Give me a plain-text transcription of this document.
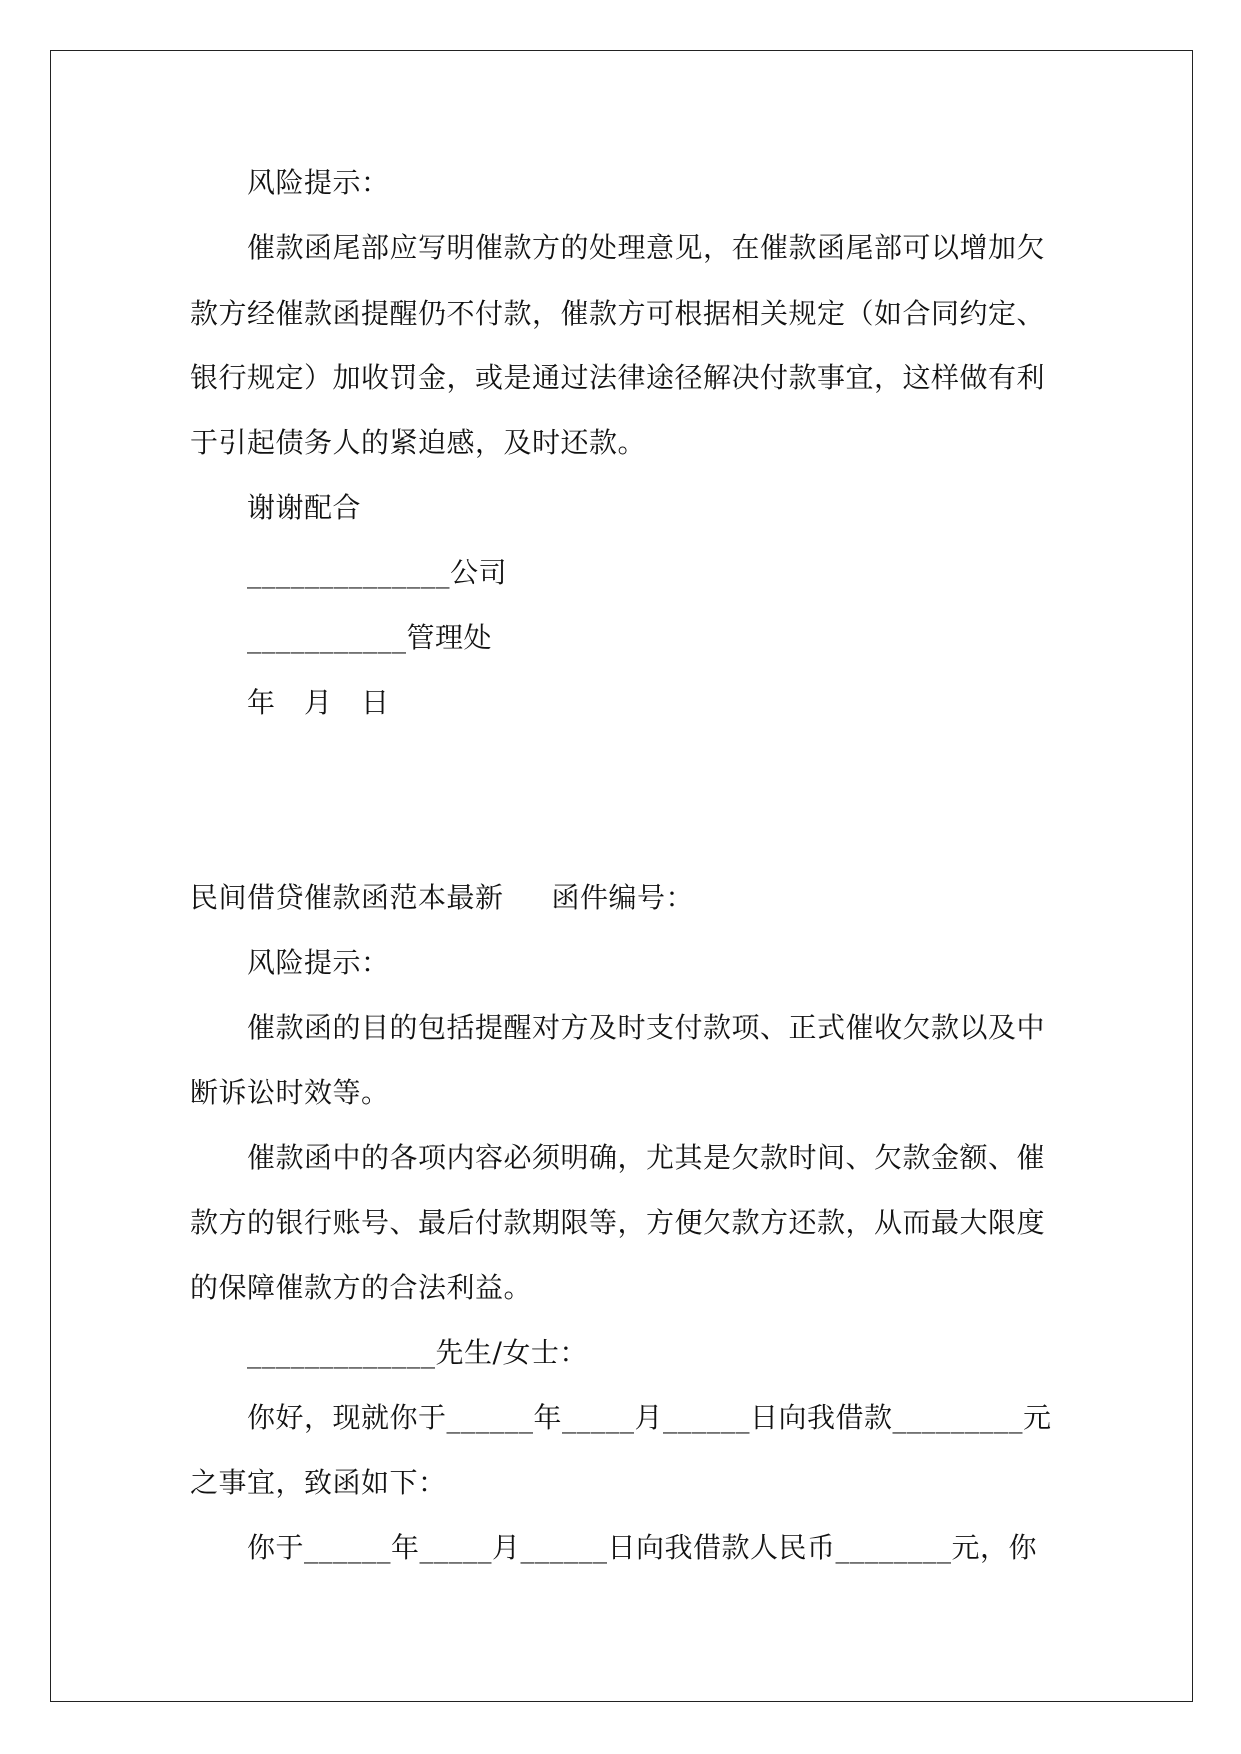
风险提示：
催款函尾部应写明催款方的处理意见，在催款函尾部可以增加欠
款方经催款函提醒仍不付款，催款方可根据相关规定（如合同约定、
银行规定）加收罚金，或是通过法律途径解决付款事宜，这样做有利
于引起债务人的紧迫感，及时还款。
谢谢配合
______________公司
___________管理处
年　月　日
民间借贷催款函范本最新 函件编号：
风险提示：
催款函的目的包括提醒对方及时支付款项、正式催收欠款以及中
断诉讼时效等。
催款函中的各项内容必须明确，尤其是欠款时间、欠款金额、催
款方的银行账号、最后付款期限等，方便欠款方还款，从而最大限度
的保障催款方的合法利益。
_____________先生/女士：
你好，现就你于______年_____月______日向我借款_________元
之事宜，致函如下：
你于______年_____月______日向我借款人民币________元，你
